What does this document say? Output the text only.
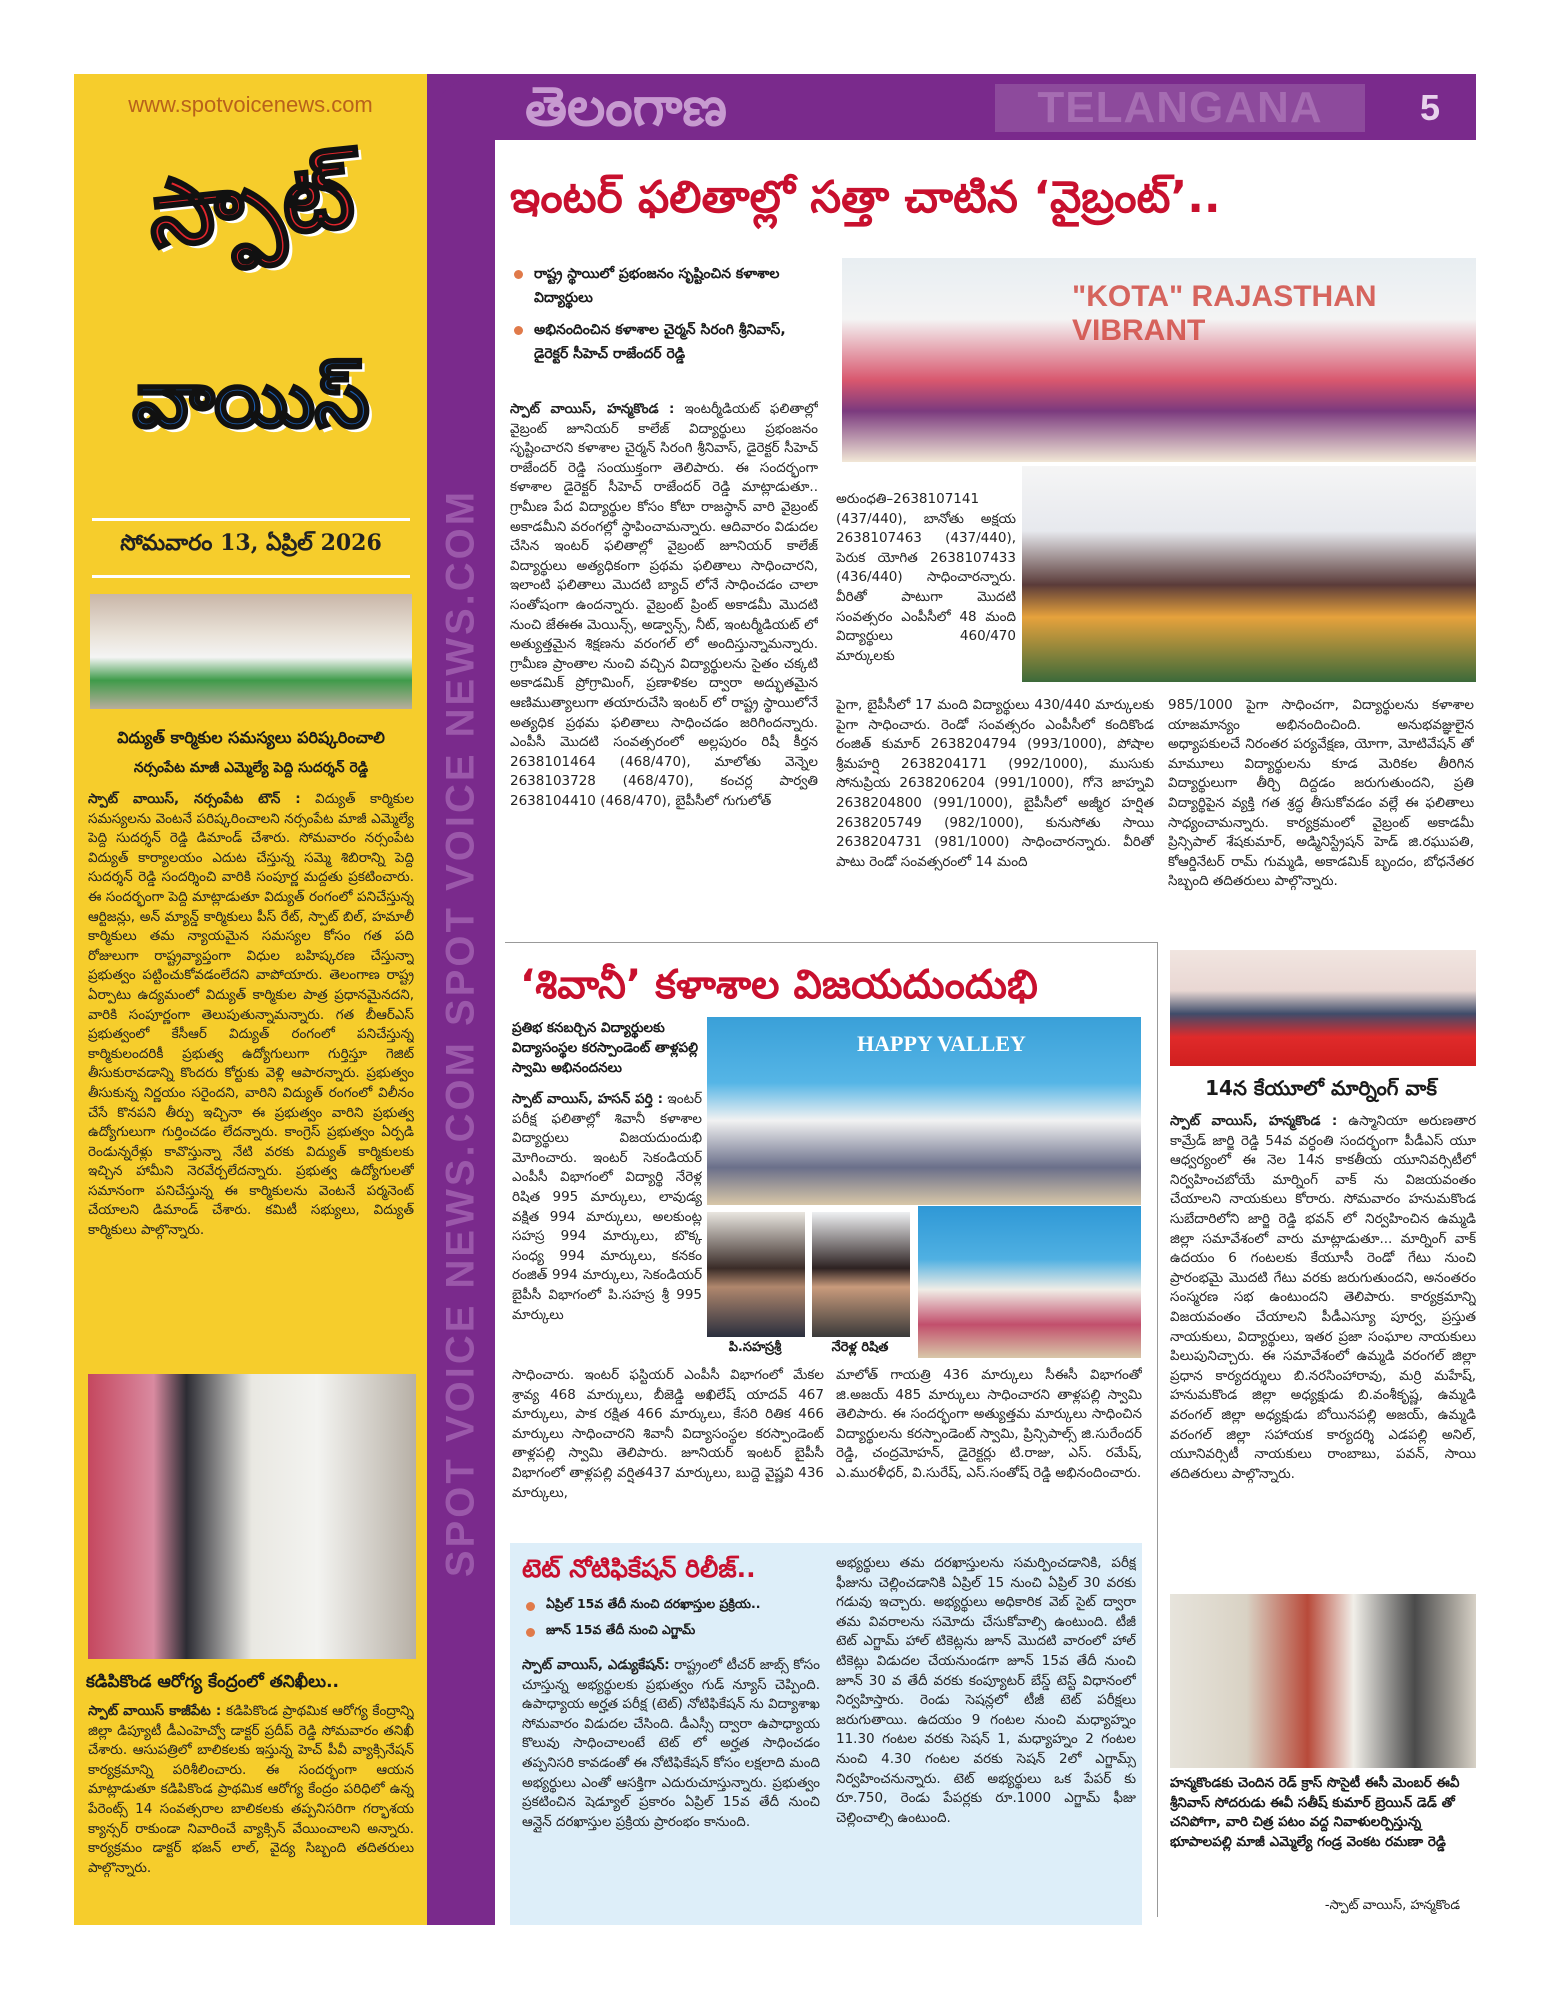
SPOT VOICE NEWS.COM SPOT VOICE NEWS.COM
www.spotvoicenews.com	తెలంగాణ	TELANGANA	5
స్పాట్
వాయిస్
సోమవారం 13, ఏప్రిల్ 2026
విద్యుత్ కార్మికుల సమస్యలు పరిష్కరించాలి
నర్సంపేట మాజీ ఎమ్మెల్యే పెద్ది సుదర్శన్ రెడ్డి
స్పాట్ వాయిస్, నర్సంపేట టౌన్ : విద్యుత్ కార్మికుల సమస్యలను వెంటనే పరిష్కరించాలని నర్సంపేట మాజీ ఎమ్మెల్యే పెద్ది సుదర్శన్ రెడ్డి డిమాండ్ చేశారు. సోమవారం నర్సంపేట విద్యుత్ కార్యాలయం ఎదుట చేస్తున్న సమ్మె శిబిరాన్ని పెద్ది సుదర్శన్ రెడ్డి సందర్శించి వారికి సంపూర్ణ మద్దతు ప్రకటించారు. ఈ సందర్భంగా పెద్ది మాట్లాడుతూ విద్యుత్ రంగంలో పనిచేస్తున్న ఆర్టిజన్లు, అన్ మ్యాన్డ్ కార్మికులు పీస్ రేట్, స్పాట్ బిల్, హమాలీ కార్మికులు తమ న్యాయమైన సమస్యల కోసం గత పది రోజులుగా రాష్ట్రవ్యాప్తంగా విధుల బహిష్కరణ చేస్తున్నా ప్రభుత్వం పట్టించుకోవడంలేదని వాపోయారు. తెలంగాణ రాష్ట్ర ఏర్పాటు ఉద్యమంలో విద్యుత్ కార్మికుల పాత్ర ప్రధానమైనదని, వారికి సంపూర్ణంగా తెలుపుతున్నామన్నారు. గత బీఆర్ఎస్ ప్రభుత్వంలో కేసీఆర్ విద్యుత్ రంగంలో పనిచేస్తున్న కార్మికులందరికీ ప్రభుత్వ ఉద్యోగులుగా గుర్తిస్తూ గెజిట్ తీసుకురావడాన్ని కొందరు కోర్టుకు వెళ్లి ఆపారన్నారు. ప్రభుత్వం తీసుకున్న నిర్ణయం సరైందని, వారిని విద్యుత్ రంగంలో విలీనం చేసే కొనపని తీర్పు ఇచ్చినా ఈ ప్రభుత్వం వారిని ప్రభుత్వ ఉద్యోగులుగా గుర్తించడం లేదన్నారు. కాంగ్రెస్ ప్రభుత్వం ఏర్పడి రెండున్నరేళ్లు కావొస్తున్నా నేటి వరకు విద్యుత్ కార్మికులకు ఇచ్చిన హామీని నెరవేర్చలేదన్నారు. ప్రభుత్వ ఉద్యోగులతో సమానంగా పనిచేస్తున్న ఈ కార్మికులను వెంటనే పర్మనెంట్ చేయాలని డిమాండ్ చేశారు. కమిటీ సభ్యులు, విద్యుత్ కార్మికులు పాల్గొన్నారు.
కడిపికొండ ఆరోగ్య కేంద్రంలో తనిఖీలు..
స్పాట్ వాయిస్ కాజీపేట : కడిపికొండ ప్రాథమిక ఆరోగ్య కేంద్రాన్ని జిల్లా డిప్యూటీ డీఎంహెచ్వో డాక్టర్ ప్రదీప్ రెడ్డి సోమవారం తనిఖీ చేశారు. ఆసుపత్రిలో బాలికలకు ఇస్తున్న హెచ్ పీవీ వ్యాక్సినేషన్ కార్యక్రమాన్ని పరిశీలించారు. ఈ సందర్భంగా ఆయన మాట్లాడుతూ కడిపికొండ ప్రాథమిక ఆరోగ్య కేంద్రం పరిధిలో ఉన్న పేరెంట్స్ 14 సంవత్సరాల బాలికలకు తప్పనిసరిగా గర్భాశయ క్యాన్సర్ రాకుండా నివారించే వ్యాక్సిన్ వేయించాలని అన్నారు. కార్యక్రమం డాక్టర్ భజన్ లాల్, వైద్య సిబ్బంది తదితరులు పాల్గొన్నారు.
ఇంటర్ ఫలితాల్లో సత్తా చాటిన ‘వైబ్రంట్’..
రాష్ట్ర స్థాయిలో ప్రభంజనం సృష్టించిన కళాశాల విద్యార్థులు
అభినందించిన కళాశాల చైర్మన్ సిరంగి శ్రీనివాస్, డైరెక్టర్ సీహెచ్ రాజేందర్ రెడ్డి
స్పాట్ వాయిస్, హన్మకొండ : ఇంటర్మీడియట్ ఫలితాల్లో వైబ్రంట్ జూనియర్ కాలేజ్ విద్యార్థులు ప్రభంజనం సృష్టించారని కళాశాల చైర్మన్ సిరంగి శ్రీనివాస్, డైరెక్టర్ సీహెచ్ రాజేందర్ రెడ్డి సంయుక్తంగా తెలిపారు. ఈ సందర్భంగా కళాశాల డైరెక్టర్ సీహెచ్ రాజేందర్ రెడ్డి మాట్లాడుతూ.. గ్రామీణ పేద విద్యార్థుల కోసం కోటా రాజస్థాన్ వారి వైబ్రంట్ అకాడమీని వరంగల్లో స్థాపించామన్నారు. ఆదివారం విడుదల చేసిన ఇంటర్ ఫలితాల్లో వైబ్రంట్ జూనియర్ కాలేజ్ విద్యార్థులు అత్యధికంగా ప్రథమ ఫలితాలు సాధించారని, ఇలాంటి ఫలితాలు మొదటి బ్యాచ్ లోనే సాధించడం చాలా సంతోషంగా ఉందన్నారు. వైబ్రంట్ ప్రింట్ అకాడమీ మొదటి నుంచి జేఈఈ మెయిన్స్, అడ్వాన్స్, నీట్, ఇంటర్మీడియట్ లో అత్యుత్తమైన శిక్షణను వరంగల్ లో అందిస్తున్నామన్నారు. గ్రామీణ ప్రాంతాల నుంచి వచ్చిన విద్యార్థులను సైతం చక్కటి అకాడమిక్ ప్రోగ్రామింగ్, ప్రణాళికల ద్వారా అద్భుతమైన ఆణిముత్యాలుగా తయారుచేసి ఇంటర్ లో రాష్ట్ర స్థాయిలోనే అత్యధిక ప్రథమ ఫలితాలు సాధించడం జరిగిందన్నారు. ఎంపీసీ మొదటి సంవత్సరంలో అల్లపురం రిషీ కీర్తన 2638101464 (468/470), మాలోతు వెన్నెల 2638103728 (468/470), కంచర్ల పార్వతి 2638104410 (468/470), బైపీసీలో గుగులోత్
"KOTA" RAJASTHAN VIBRANT
అరుంధతి–2638107141 (437/440), బానోతు అక్షయ 2638107463 (437/440), పెరుక యోగిత 2638107433 (436/440) సాధించారన్నారు. వీరితో పాటుగా మొదటి సంవత్సరం ఎంపీసీలో 48 మంది విద్యార్థులు 460/470 మార్కులకు
పైగా, బైపీసీలో 17 మంది విద్యార్థులు 430/440 మార్కులకు పైగా సాధించారు. రెండో సంవత్సరం ఎంపీసీలో కందికొండ రంజిత్ కుమార్ 2638204794 (993/1000), పోషాల శ్రీమహర్షి 2638204171 (992/1000), ముసుకు సోనుప్రియ 2638206204 (991/1000), గోనె జాహ్నవి 2638204800 (991/1000), బైపీసీలో అజ్మీర హర్షిత 2638205749 (982/1000), కునుసోతు సాయి 2638204731 (981/1000) సాధించారన్నారు. వీరితో పాటు రెండో సంవత్సరంలో 14 మంది
985/1000 పైగా సాధించగా, విద్యార్థులను కళాశాల యాజమాన్యం అభినందించింది. అనుభవజ్ఞులైన అధ్యాపకులచే నిరంతర పర్యవేక్షణ, యోగా, మోటివేషన్ తో మామూలు విద్యార్థులను కూడ మెరికల తీరిగిన విద్యార్థులుగా తీర్చి దిద్దడం జరుగుతుందని, ప్రతి విద్యార్థిపైన వ్యక్తి గత శ్రద్ధ తీసుకోవడం వల్లే ఈ ఫలితాలు సాధ్యంచామన్నారు. కార్యక్రమంలో వైబ్రంట్ అకాడమీ ప్రిన్సిపాల్ శేషకుమార్, అడ్మినిస్ట్రేషన్ హెడ్ జి.రఘుపతి, కోఆర్డినేటర్ రామ్ గుమ్మడి, అకాడమిక్ బృందం, బోధనేతర సిబ్బంది తదితరులు పాల్గొన్నారు.
‘శివానీ’ కళాశాల విజయదుందుభి
ప్రతిభ కనబర్చిన విద్యార్థులకు విద్యాసంస్థల కరస్పాండెంట్ తాళ్లపల్లి స్వామి అభినందనలు
స్పాట్ వాయిస్, హసన్ పర్తి : ఇంటర్ పరీక్ష ఫలితాల్లో శివానీ కళాశాల విద్యార్థులు విజయదుందుభి మోగించారు. ఇంటర్ సెకండియర్ ఎంపీసీ విభాగంలో విద్యార్థి నేరెళ్ల రిషిత 995 మార్కులు, లావుడ్య వక్షిత 994 మార్కులు, అలకుంట్ల సహస్ర 994 మార్కులు, బొక్క సంధ్య 994 మార్కులు, కనకం రంజిత్ 994 మార్కులు, సెకండియర్ బైపీసీ విభాగంలో పి.సహస్ర శ్రీ 995 మార్కులు
HAPPY VALLEY
పి.సహస్రశ్రీ	నేరెళ్ల రిషిత
సాధించారు. ఇంటర్ ఫస్టియర్ ఎంపీసీ విభాగంలో మేకల శ్రావ్య 468 మార్కులు, బీజెడ్డి అఖిలేష్ యాదవ్ 467 మార్కులు, పాక రక్షిత 466 మార్కులు, కేసరి రితిక 466 మార్కులు సాధించారని శివానీ విద్యాసంస్థల కరస్పాండెంట్ తాళ్లపల్లి స్వామి తెలిపారు. జూనియర్ ఇంటర్ బైపీసీ విభాగంలో తాళ్లపల్లి వర్షిత437 మార్కులు, బుద్దె వైష్ణవి 436 మార్కులు,
మాలోత్ గాయత్రి 436 మార్కులు సీఈసీ విభాగంతో జి.అజయ్ 485 మార్కులు సాధించారని తాళ్లపల్లి స్వామి తెలిపారు. ఈ సందర్భంగా అత్యుత్తమ మార్కులు సాధించిన విద్యార్థులను కరస్పాండెంట్ స్వామి, ప్రిన్సిపాల్స్ జి.సురేందర్ రెడ్డి, చంద్రమోహన్, డైరెక్టర్లు టి.రాజు, ఎస్. రమేష్, ఎ.మురళీధర్, వి.సురేష్, ఎస్.సంతోష్ రెడ్డి అభినందించారు.
టెట్ నోటిఫికేషన్ రిలీజ్..
ఏప్రిల్ 15వ తేదీ నుంచి దరఖాస్తుల ప్రక్రియ..
జూన్ 15వ తేదీ నుంచి ఎగ్జామ్
స్పాట్ వాయిస్, ఎడ్యుకేషన్: రాష్ట్రంలో టీచర్ జాబ్స్ కోసం చూస్తున్న అభ్యర్థులకు ప్రభుత్వం గుడ్ న్యూస్ చెప్పింది. ఉపాధ్యాయ అర్హత పరీక్ష (టెట్) నోటిఫికేషన్ ను విద్యాశాఖ సోమవారం విడుదల చేసింది. డీఎస్సీ ద్వారా ఉపాధ్యాయ కొలువు సాధించాలంటే టెట్ లో అర్హత సాధించడం తప్పనిసరి కావడంతో ఈ నోటిఫికేషన్ కోసం లక్షలాది మంది అభ్యర్థులు ఎంతో ఆసక్తిగా ఎదురుచూస్తున్నారు. ప్రభుత్వం ప్రకటించిన షెడ్యూల్ ప్రకారం ఏప్రిల్ 15వ తేదీ నుంచి ఆన్లైన్ దరఖాస్తుల ప్రక్రియ ప్రారంభం కానుంది.
అభ్యర్థులు తమ దరఖాస్తులను సమర్పించడానికి, పరీక్ష ఫీజును చెల్లించడానికి ఏప్రిల్ 15 నుంచి ఏప్రిల్ 30 వరకు గడువు ఇచ్చారు. అభ్యర్థులు అధికారిక వెబ్ సైట్ ద్వారా తమ వివరాలను సమోదు చేసుకోవాల్సి ఉంటుంది. టీజీ టెట్ ఎగ్జామ్ హాల్ టికెట్లను జూన్ మొదటి వారంలో హాల్ టికెట్లు విడుదల చేయనుండగా జూన్ 15వ తేదీ నుంచి జూన్ 30 వ తేదీ వరకు కంప్యూటర్ బేస్డ్ టెస్ట్ విధానంలో నిర్వహిస్తారు. రెండు సెషన్లలో టీజీ టెట్ పరీక్షలు జరుగుతాయి. ఉదయం 9 గంటల నుంచి మధ్యాహ్నం 11.30 గంటల వరకు సెషన్ 1, మధ్యాహ్నం 2 గంటల నుంచి 4.30 గంటల వరకు సెషన్ 2లో ఎగ్జామ్స్ నిర్వహించనున్నారు. టెట్ అభ్యర్థులు ఒక పేపర్ కు రూ.750, రెండు పేపర్లకు రూ.1000 ఎగ్జామ్ ఫీజు చెల్లించాల్సి ఉంటుంది.
14న కేయూలో మార్నింగ్ వాక్
స్పాట్ వాయిస్, హన్మకొండ : ఉస్మానియా అరుణతార కామ్రేడ్ జార్జి రెడ్డి 54వ వర్ధంతి సందర్భంగా పీడీఎస్ యూ ఆధ్వర్యంలో ఈ నెల 14న కాకతీయ యూనివర్సిటీలో నిర్వహించబోయే మార్నింగ్ వాక్ ను విజయవంతం చేయాలని నాయకులు కోరారు. సోమవారం హనుమకొండ సుబేదారిలోని జార్జి రెడ్డి భవన్ లో నిర్వహించిన ఉమ్మడి జిల్లా సమావేశంలో వారు మాట్లాడుతూ... మార్నింగ్ వాక్ ఉదయం 6 గంటలకు కేయూసీ రెండో గేటు నుంచి ప్రారంభమై మొదటి గేటు వరకు జరుగుతుందని, అనంతరం సంస్మరణ సభ ఉంటుందని తెలిపారు. కార్యక్రమాన్ని విజయవంతం చేయాలని పీడీఎస్యూ పూర్వ, ప్రస్తుత నాయకులు, విద్యార్థులు, ఇతర ప్రజా సంఘాల నాయకులు పిలుపునిచ్చారు. ఈ సమావేశంలో ఉమ్మడి వరంగల్ జిల్లా ప్రధాన కార్యదర్శులు బి.నరసింహారావు, మర్రి మహేష్, హనుమకొండ జిల్లా అధ్యక్షుడు బి.వంశీకృష్ణ, ఉమ్మడి వరంగల్ జిల్లా అధ్యక్షుడు బోయినపల్లి అజయ్, ఉమ్మడి వరంగల్ జిల్లా సహాయక కార్యదర్శి ఎడపల్లి అనిల్, యూనివర్సిటీ నాయకులు రాంబాబు, పవన్, సాయి తదితరులు పాల్గొన్నారు.
హన్మకొండకు చెందిన రెడ్ క్రాస్ సొసైటీ ఈసీ మెంబర్ ఈవీ శ్రీనివాస్ సోదరుడు ఈవీ సతీష్ కుమార్ బ్రెయిన్ డెడ్ తో చనిపోగా, వారి చిత్ర పటం వద్ద నివాళులర్పిస్తున్న భూపాలపల్లి మాజీ ఎమ్మెల్యే గండ్ర వెంకట రమణా రెడ్డి
-స్పాట్ వాయిస్, హన్మకొండ
